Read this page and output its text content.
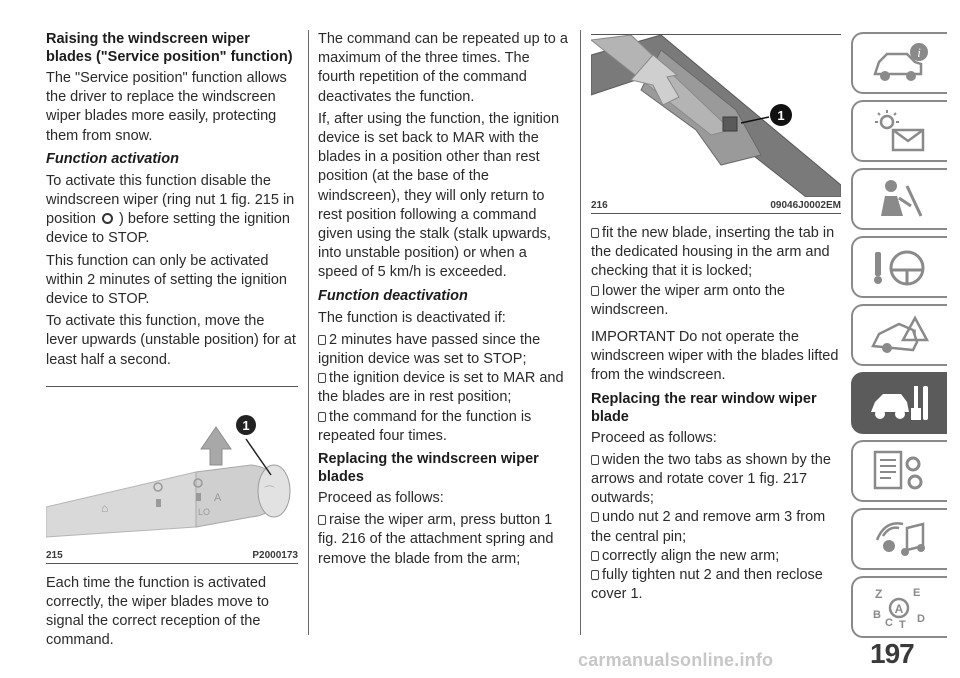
Raising the windscreen wiper blades ("Service position" function)

The "Service position" function allows the driver to replace the windscreen wiper blades more easily, protecting them from snow.

Function activation

To activate this function disable the windscreen wiper (ring nut 1 fig. 215 in position ) before setting the ignition device to STOP.

This function can only be activated within 2 minutes of setting the ignition device to STOP.

To activate this function, move the lever upwards (unstable position) for at least half a second.

⌂
A
LO
⌒
1
215	P2000173

Each time the function is activated correctly, the wiper blades move to signal the correct reception of the command.

The command can be repeated up to a maximum of the three times. The fourth repetition of the command deactivates the function.

If, after using the function, the ignition device is set back to MAR with the blades in a position other than rest position (at the base of the windscreen), they will only return to rest position following a command given using the stalk (stalk upwards, into unstable position) or when a speed of 5 km/h is exceeded.

Function deactivation

The function is deactivated if:

2 minutes have passed since the ignition device was set to STOP;

the ignition device is set to MAR and the blades are in rest position;

the command for the function is repeated four times.

Replacing the windscreen wiper blades

Proceed as follows:

raise the wiper arm, press button 1 fig. 216 of the attachment spring and remove the blade from the arm;

1
216	09046J0002EM

fit the new blade, inserting the tab in the dedicated housing in the arm and checking that it is locked;

lower the wiper arm onto the windscreen.

IMPORTANT Do not operate the windscreen wiper with the blades lifted from the windscreen.

Replacing the rear window wiper blade

Proceed as follows:

widen the two tabs as shown by the arrows and rotate cover 1 fig. 217 outwards;

undo nut 2 and remove arm 3 from the central pin;

correctly align the new arm;

fully tighten nut 2 and then reclose cover 1.

i
!
Z	E
B
C T D
A
197
carmanualsonline.info
